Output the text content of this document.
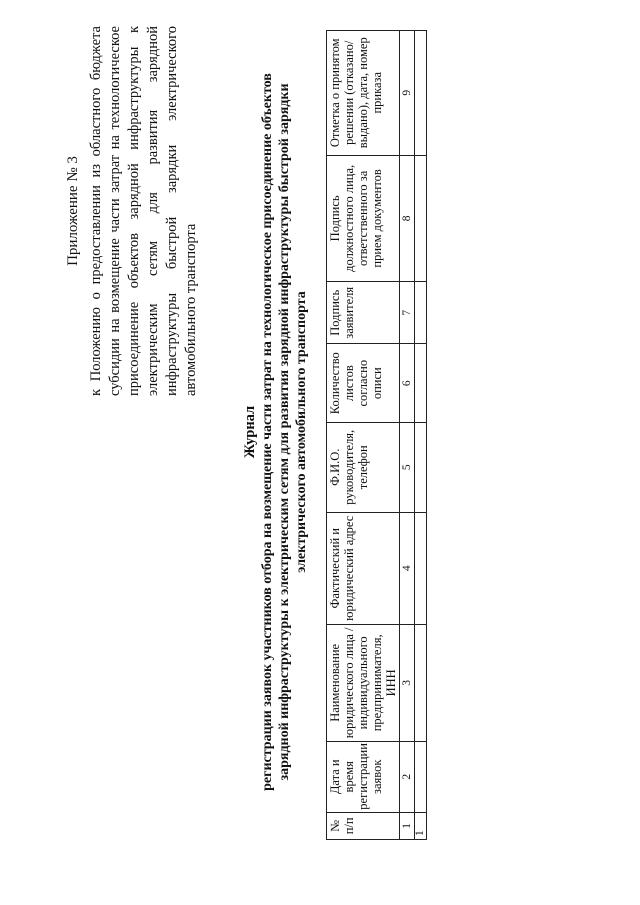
Приложение № 3 к Положению о предоставлении из областного бюджета субсидии на возмещение части затрат на технологическое присоединение объектов зарядной инфраструктуры к электрическим сетям для развития зарядной инфраструктуры быстрой зарядки электрического автомобильного транспорта
Журнал регистрации заявок участников отбора на возмещение части затрат на технологическое присоединение объектов зарядной инфраструктуры к электрическим сетям для развития зарядной инфраструктуры быстрой зарядки электрического автомобильного транспорта
№ п/п	Дата и время регистрации заявок	Наименование юридического лица / индивидуального предпринимателя, ИНН	Фактический и юридический адрес	Ф.И.О. руководителя, телефон	Количество листов согласно описи	Подпись заявителя	Подпись должностного лица, ответственного за прием документов	Отметка о принятом решении (отказано/выдано), дата, номер приказа
1	2	3	4	5	6	7	8	9
1								
